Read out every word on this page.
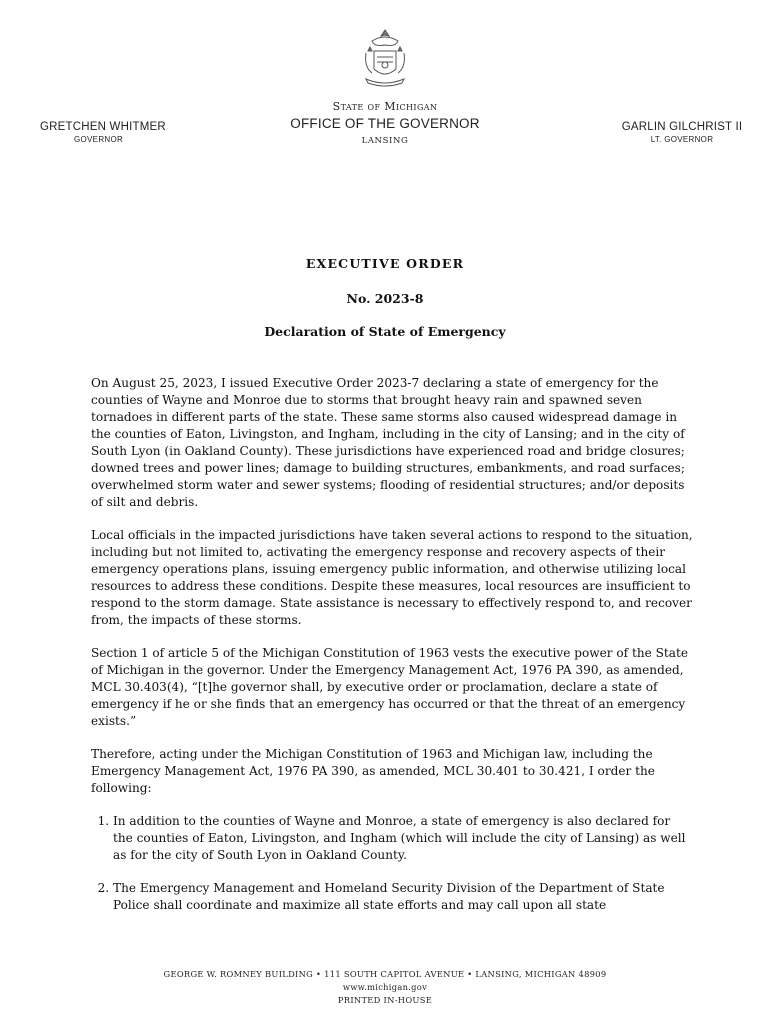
GRETCHEN WHITMER
GOVERNOR
State of Michigan
OFFICE OF THE GOVERNOR
LANSING
GARLIN GILCHRIST II
LT. GOVERNOR
EXECUTIVE ORDER
No. 2023-8
Declaration of State of Emergency

On August 25, 2023, I issued Executive Order 2023-7 declaring a state of emergency for the counties of Wayne and Monroe due to storms that brought heavy rain and spawned seven tornadoes in different parts of the state. These same storms also caused widespread damage in the counties of Eaton, Livingston, and Ingham, including in the city of Lansing; and in the city of South Lyon (in Oakland County). These jurisdictions have experienced road and bridge closures; downed trees and power lines; damage to building structures, embankments, and road surfaces; overwhelmed storm water and sewer systems; flooding of residential structures; and/or deposits of silt and debris.

Local officials in the impacted jurisdictions have taken several actions to respond to the situation, including but not limited to, activating the emergency response and recovery aspects of their emergency operations plans, issuing emergency public information, and otherwise utilizing local resources to address these conditions. Despite these measures, local resources are insufficient to respond to the storm damage. State assistance is necessary to effectively respond to, and recover from, the impacts of these storms.

Section 1 of article 5 of the Michigan Constitution of 1963 vests the executive power of the State of Michigan in the governor. Under the Emergency Management Act, 1976 PA 390, as amended, MCL 30.403(4), “[t]he governor shall, by executive order or proclamation, declare a state of emergency if he or she finds that an emergency has occurred or that the threat of an emergency exists.”

Therefore, acting under the Michigan Constitution of 1963 and Michigan law, including the Emergency Management Act, 1976 PA 390, as amended, MCL 30.401 to 30.421, I order the following:

1. In addition to the counties of Wayne and Monroe, a state of emergency is also declared for the counties of Eaton, Livingston, and Ingham (which will include the city of Lansing) as well as for the city of South Lyon in Oakland County.
2. The Emergency Management and Homeland Security Division of the Department of State Police shall coordinate and maximize all state efforts and may call upon all state
GEORGE W. ROMNEY BUILDING • 111 SOUTH CAPITOL AVENUE • LANSING, MICHIGAN 48909
www.michigan.gov
PRINTED IN-HOUSE
